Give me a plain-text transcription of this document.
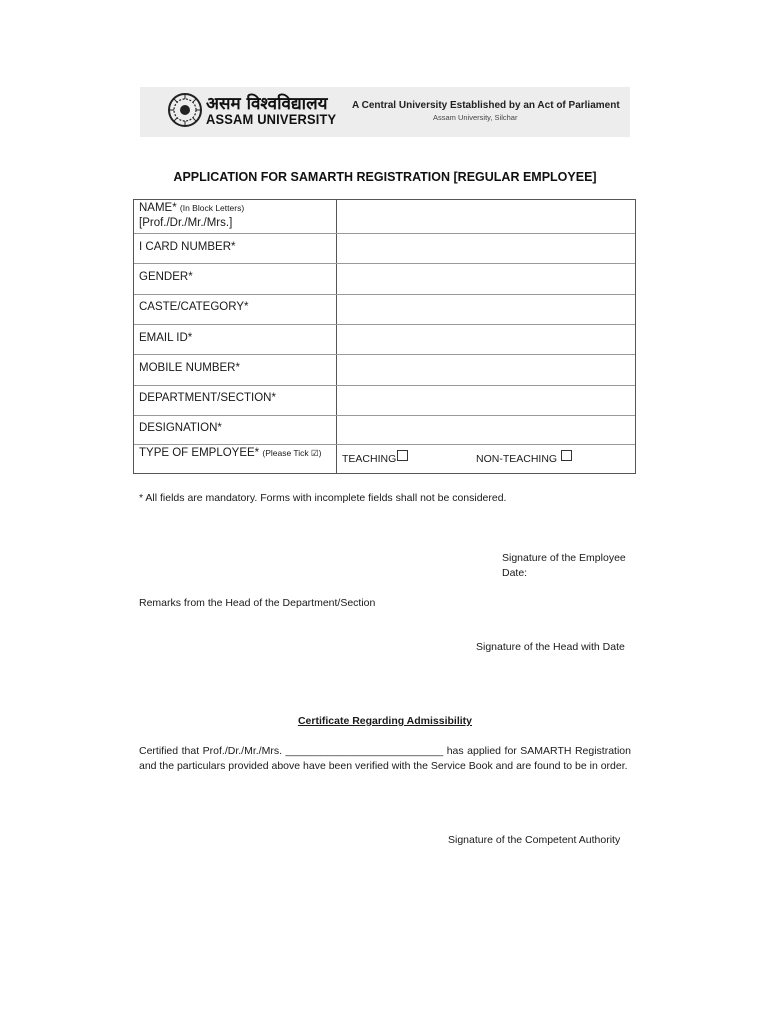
असम विश्वविद्यालय
ASSAM UNIVERSITY
A Central University Established by an Act of Parliament
Assam University, Silchar
APPLICATION FOR SAMARTH REGISTRATION [REGULAR EMPLOYEE]
NAME* (In Block Letters)
[Prof./Dr./Mr./Mrs.]
I CARD NUMBER*
GENDER*
CASTE/CATEGORY*
EMAIL ID*
MOBILE NUMBER*
DEPARTMENT/SECTION*
DESIGNATION*
TYPE OF EMPLOYEE* (Please Tick ☑) TEACHING	NON-TEACHING
* All fields are mandatory. Forms with incomplete fields shall not be considered.
Signature of the Employee
Date:
Remarks from the Head of the Department/Section
Signature of the Head with Date
Certificate Regarding Admissibility
Certified that Prof./Dr./Mr./Mrs. ___________________________ has applied for SAMARTH Registration and the particulars provided above have been verified with the Service Book and are found to be in order.
Signature of the Competent Authority
